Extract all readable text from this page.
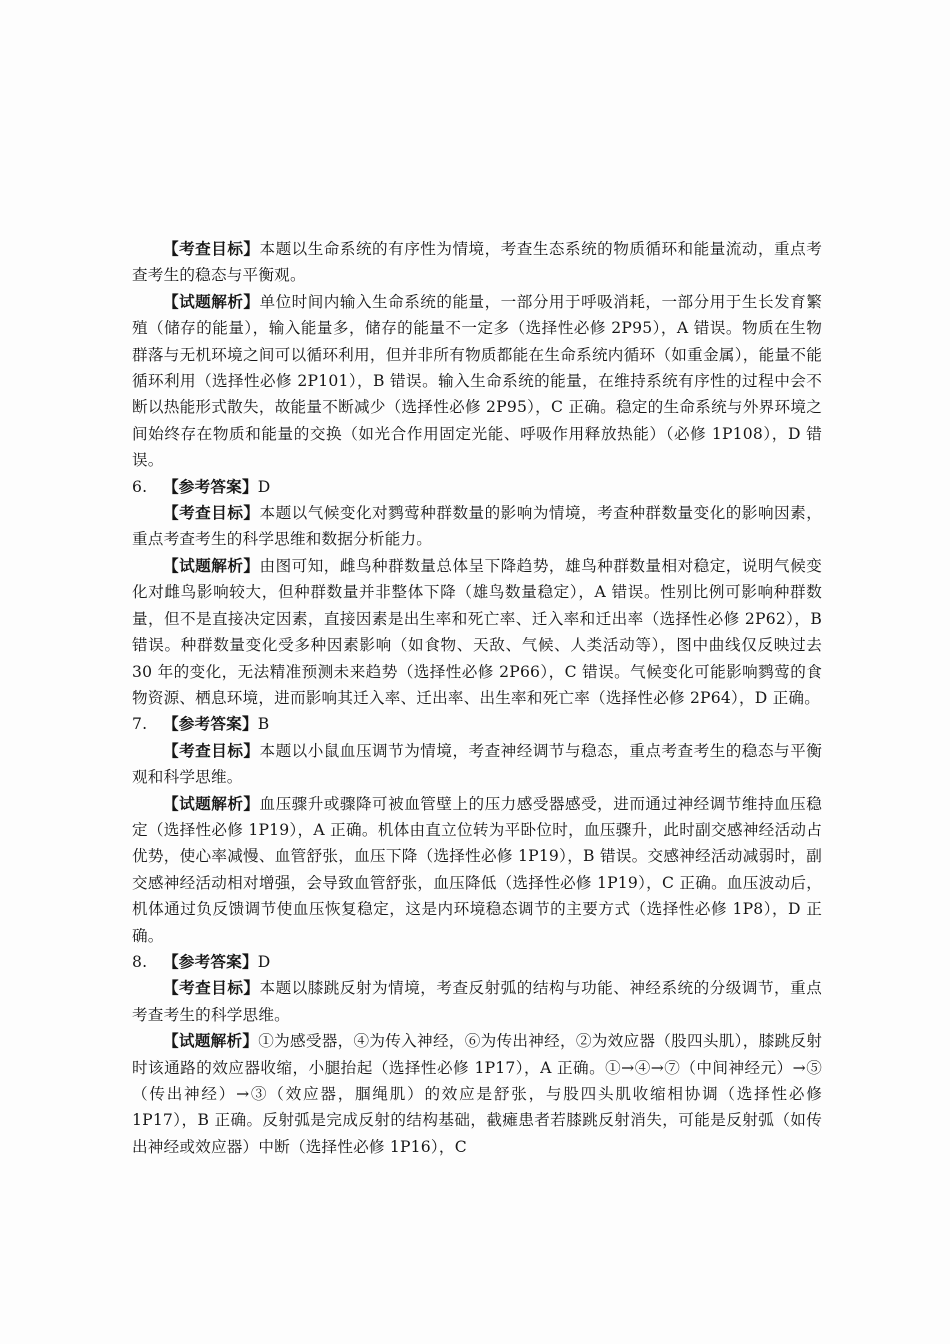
【考查目标】本题以生命系统的有序性为情境，考查生态系统的物质循环和能量流动，重点考查考生的稳态与平衡观。

【试题解析】单位时间内输入生命系统的能量，一部分用于呼吸消耗，一部分用于生长发育繁殖（储存的能量），输入能量多，储存的能量不一定多（选择性必修 2P95），A 错误。物质在生物群落与无机环境之间可以循环利用，但并非所有物质都能在生命系统内循环（如重金属），能量不能循环利用（选择性必修 2P101），B 错误。输入生命系统的能量，在维持系统有序性的过程中会不断以热能形式散失，故能量不断减少（选择性必修 2P95），C 正确。稳定的生命系统与外界环境之间始终存在物质和能量的交换（如光合作用固定光能、呼吸作用释放热能）（必修 1P108），D 错误。

6. 【参考答案】D

【考查目标】本题以气候变化对鹨莺种群数量的影响为情境，考查种群数量变化的影响因素，重点考查考生的科学思维和数据分析能力。

【试题解析】由图可知，雌鸟种群数量总体呈下降趋势，雄鸟种群数量相对稳定，说明气候变化对雌鸟影响较大，但种群数量并非整体下降（雄鸟数量稳定），A 错误。性别比例可影响种群数量，但不是直接决定因素，直接因素是出生率和死亡率、迁入率和迁出率（选择性必修 2P62），B 错误。种群数量变化受多种因素影响（如食物、天敌、气候、人类活动等），图中曲线仅反映过去 30 年的变化，无法精准预测未来趋势（选择性必修 2P66），C 错误。气候变化可能影响鹨莺的食物资源、栖息环境，进而影响其迁入率、迁出率、出生率和死亡率（选择性必修 2P64），D 正确。

7. 【参考答案】B

【考查目标】本题以小鼠血压调节为情境，考查神经调节与稳态，重点考查考生的稳态与平衡观和科学思维。

【试题解析】血压骤升或骤降可被血管壁上的压力感受器感受，进而通过神经调节维持血压稳定（选择性必修 1P19），A 正确。机体由直立位转为平卧位时，血压骤升，此时副交感神经活动占优势，使心率减慢、血管舒张，血压下降（选择性必修 1P19），B 错误。交感神经活动减弱时，副交感神经活动相对增强，会导致血管舒张，血压降低（选择性必修 1P19），C 正确。血压波动后，机体通过负反馈调节使血压恢复稳定，这是内环境稳态调节的主要方式（选择性必修 1P8），D 正确。

8. 【参考答案】D

【考查目标】本题以膝跳反射为情境，考查反射弧的结构与功能、神经系统的分级调节，重点考查考生的科学思维。

【试题解析】①为感受器，④为传入神经，⑥为传出神经，②为效应器（股四头肌），膝跳反射时该通路的效应器收缩，小腿抬起（选择性必修 1P17），A 正确。①→④→⑦（中间神经元）→⑤（传出神经）→③（效应器，腘绳肌）的效应是舒张，与股四头肌收缩相协调（选择性必修 1P17），B 正确。反射弧是完成反射的结构基础，截瘫患者若膝跳反射消失，可能是反射弧（如传出神经或效应器）中断（选择性必修 1P16），C
